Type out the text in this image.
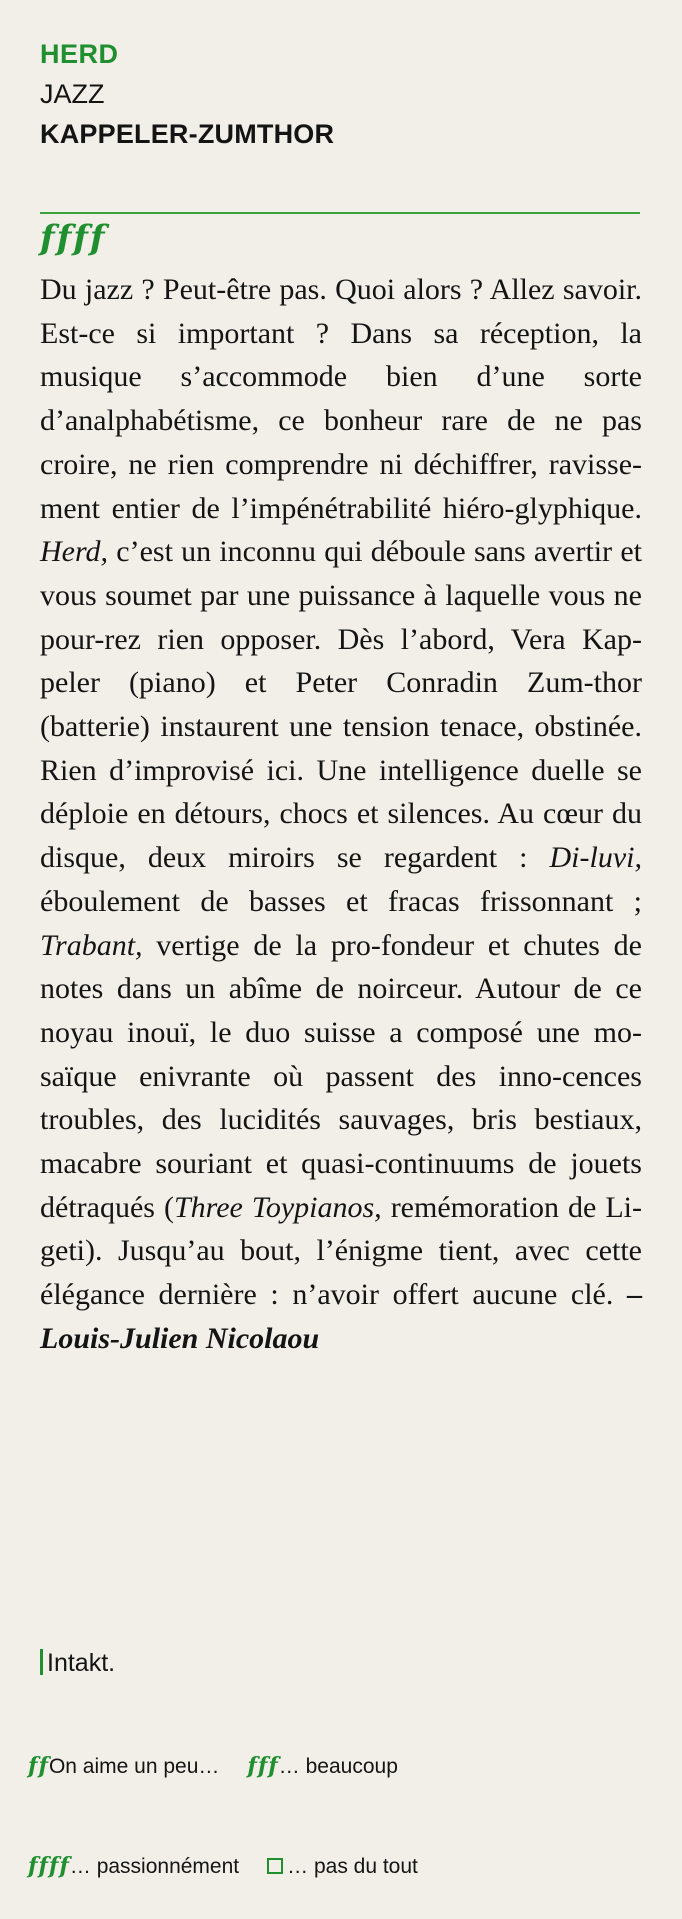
HERD
JAZZ
KAPPELER-ZUMTHOR
ffff

Du jazz ? Peut-être pas. Quoi alors ? Allez savoir. Est-ce si important ? Dans sa réception, la musique s’accommode bien d’une sorte d’analphabétisme, ce bonheur rare de ne pas croire, ne rien comprendre ni déchiffrer, ravisse-ment entier de l’impénétrabilité hiéro-glyphique. Herd, c’est un inconnu qui déboule sans avertir et vous soumet par une puissance à laquelle vous ne pour-rez rien opposer. Dès l’abord, Vera Kap-peler (piano) et Peter Conradin Zum-thor (batterie) instaurent une tension tenace, obstinée. Rien d’improvisé ici. Une intelligence duelle se déploie en détours, chocs et silences. Au cœur du disque, deux miroirs se regardent : Di-luvi, éboulement de basses et fracas frissonnant ; Trabant, vertige de la pro-fondeur et chutes de notes dans un abîme de noirceur. Autour de ce noyau inouï, le duo suisse a composé une mo-saïque enivrante où passent des inno-cences troubles, des lucidités sauvages, bris bestiaux, macabre souriant et quasi-continuums de jouets détraqués (Three Toypianos, remémoration de Li-geti). Jusqu’au bout, l’énigme tient, avec cette élégance dernière : n’avoir offert aucune clé. – Louis-Julien Nicolaou

Intakt.
ffOn aime un peu… fff… beaucoup
ffff… passionnément … pas du tout
